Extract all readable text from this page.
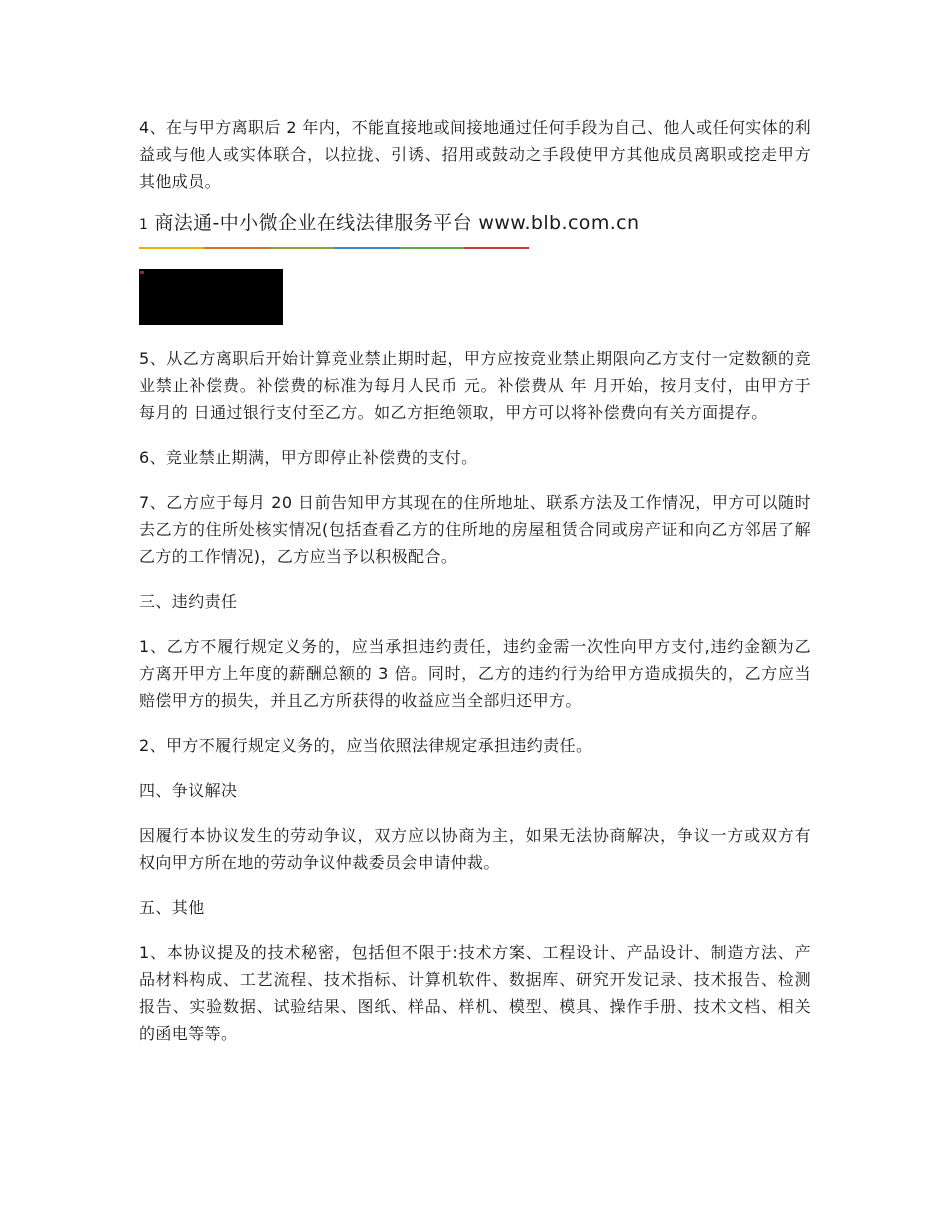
4、在与甲方离职后 2 年内，不能直接地或间接地通过任何手段为自己、他人或任何实体的利益或与他人或实体联合，以拉拢、引诱、招用或鼓动之手段使甲方其他成员离职或挖走甲方其他成员。

1 商法通-中小微企业在线法律服务平台 www.blb.com.cn

5、从乙方离职后开始计算竞业禁止期时起，甲方应按竞业禁止期限向乙方支付一定数额的竞业禁止补偿费。补偿费的标准为每月人民币 元。补偿费从 年 月开始，按月支付，由甲方于每月的 日通过银行支付至乙方。如乙方拒绝领取，甲方可以将补偿费向有关方面提存。

6、竞业禁止期满，甲方即停止补偿费的支付。

7、乙方应于每月 20 日前告知甲方其现在的住所地址、联系方法及工作情况，甲方可以随时去乙方的住所处核实情况(包括查看乙方的住所地的房屋租赁合同或房产证和向乙方邻居了解乙方的工作情况)，乙方应当予以积极配合。

三、违约责任

1、乙方不履行规定义务的，应当承担违约责任，违约金需一次性向甲方支付,违约金额为乙方离开甲方上年度的薪酬总额的 3 倍。同时，乙方的违约行为给甲方造成损失的，乙方应当赔偿甲方的损失，并且乙方所获得的收益应当全部归还甲方。

2、甲方不履行规定义务的，应当依照法律规定承担违约责任。

四、争议解决

因履行本协议发生的劳动争议，双方应以协商为主，如果无法协商解决，争议一方或双方有权向甲方所在地的劳动争议仲裁委员会申请仲裁。

五、其他

1、本协议提及的技术秘密，包括但不限于:技术方案、工程设计、产品设计、制造方法、产品材料构成、工艺流程、技术指标、计算机软件、数据库、研究开发记录、技术报告、检测报告、实验数据、试验结果、图纸、样品、样机、模型、模具、操作手册、技术文档、相关的函电等等。
